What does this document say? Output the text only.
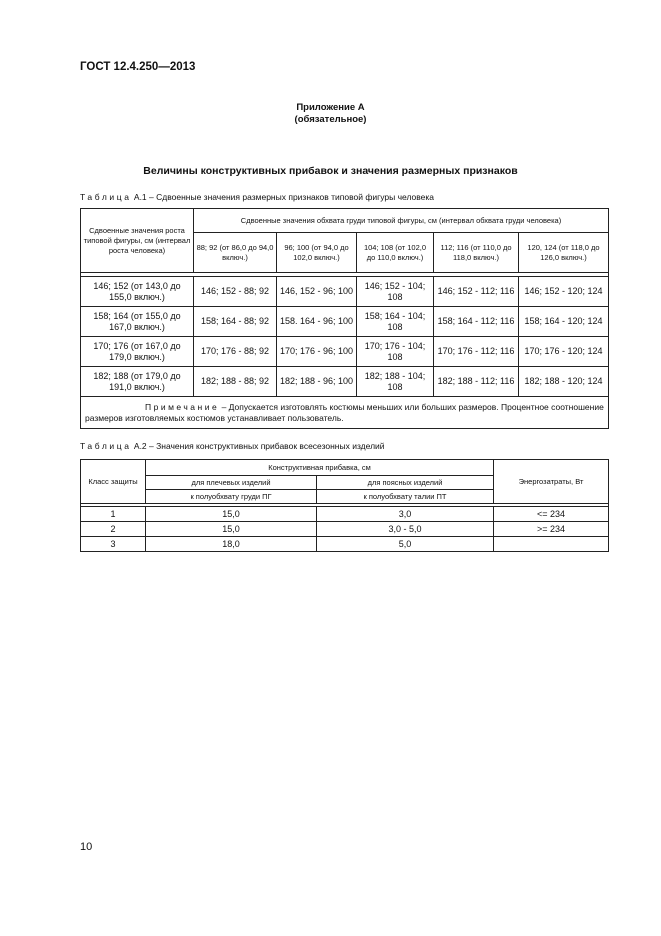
ГОСТ 12.4.250—2013
Приложение А
(обязательное)
Величины конструктивных прибавок и значения размерных признаков
Таблица А.1 – Сдвоенные значения размерных признаков типовой фигуры человека
Сдвоенные значения роста типовой фигуры, см (интервал роста человека)	Сдвоенные значения обхвата груди типовой фигуры, см (интервал обхвата груди человека)				
	88; 92 (от 86,0 до 94,0 включ.)	96; 100 (от 94,0 до 102,0 включ.)	104; 108 (от 102,0 до 110,0 включ.)	112; 116 (от 110,0 до 118,0 включ.)	120, 124 (от 118,0 до 126,0 включ.)

146; 152 (от 143,0 до 155,0 включ.)	146; 152 - 88; 92	146, 152 - 96; 100	146; 152 - 104; 108	146; 152 - 112; 116	146; 152 - 120; 124
158; 164 (от 155,0 до 167,0 включ.)	158; 164 - 88; 92	158. 164 - 96; 100	158; 164 - 104; 108	158; 164 - 112; 116	158; 164 - 120; 124
170; 176 (от 167,0 до 179,0 включ.)	170; 176 - 88; 92	170; 176 - 96; 100	170; 176 - 104; 108	170; 176 - 112; 116	170; 176 - 120; 124
182; 188 (от 179,0 до 191,0 включ.)	182; 188 - 88; 92	182; 188 - 96; 100	182; 188 - 104; 108	182; 188 - 112; 116	182; 188 - 120; 124
Примечание – Допускается изготовлять костюмы меньших или больших размеров. Процентное соотношение размеров изготовляемых костюмов устанавливает пользователь.					
Таблица А.2 – Значения конструктивных прибавок всесезонных изделий
Класс защиты	Конструктивная прибавка, см		Энергозатраты, Вт
	для плечевых изделий	для поясных изделий	
	к полуобхвату груди ПГ	к полуобхвату талии ПТ	

1	15,0	3,0	<= 234
2	15,0	3,0 - 5,0	>= 234
3	18,0	5,0	
10
